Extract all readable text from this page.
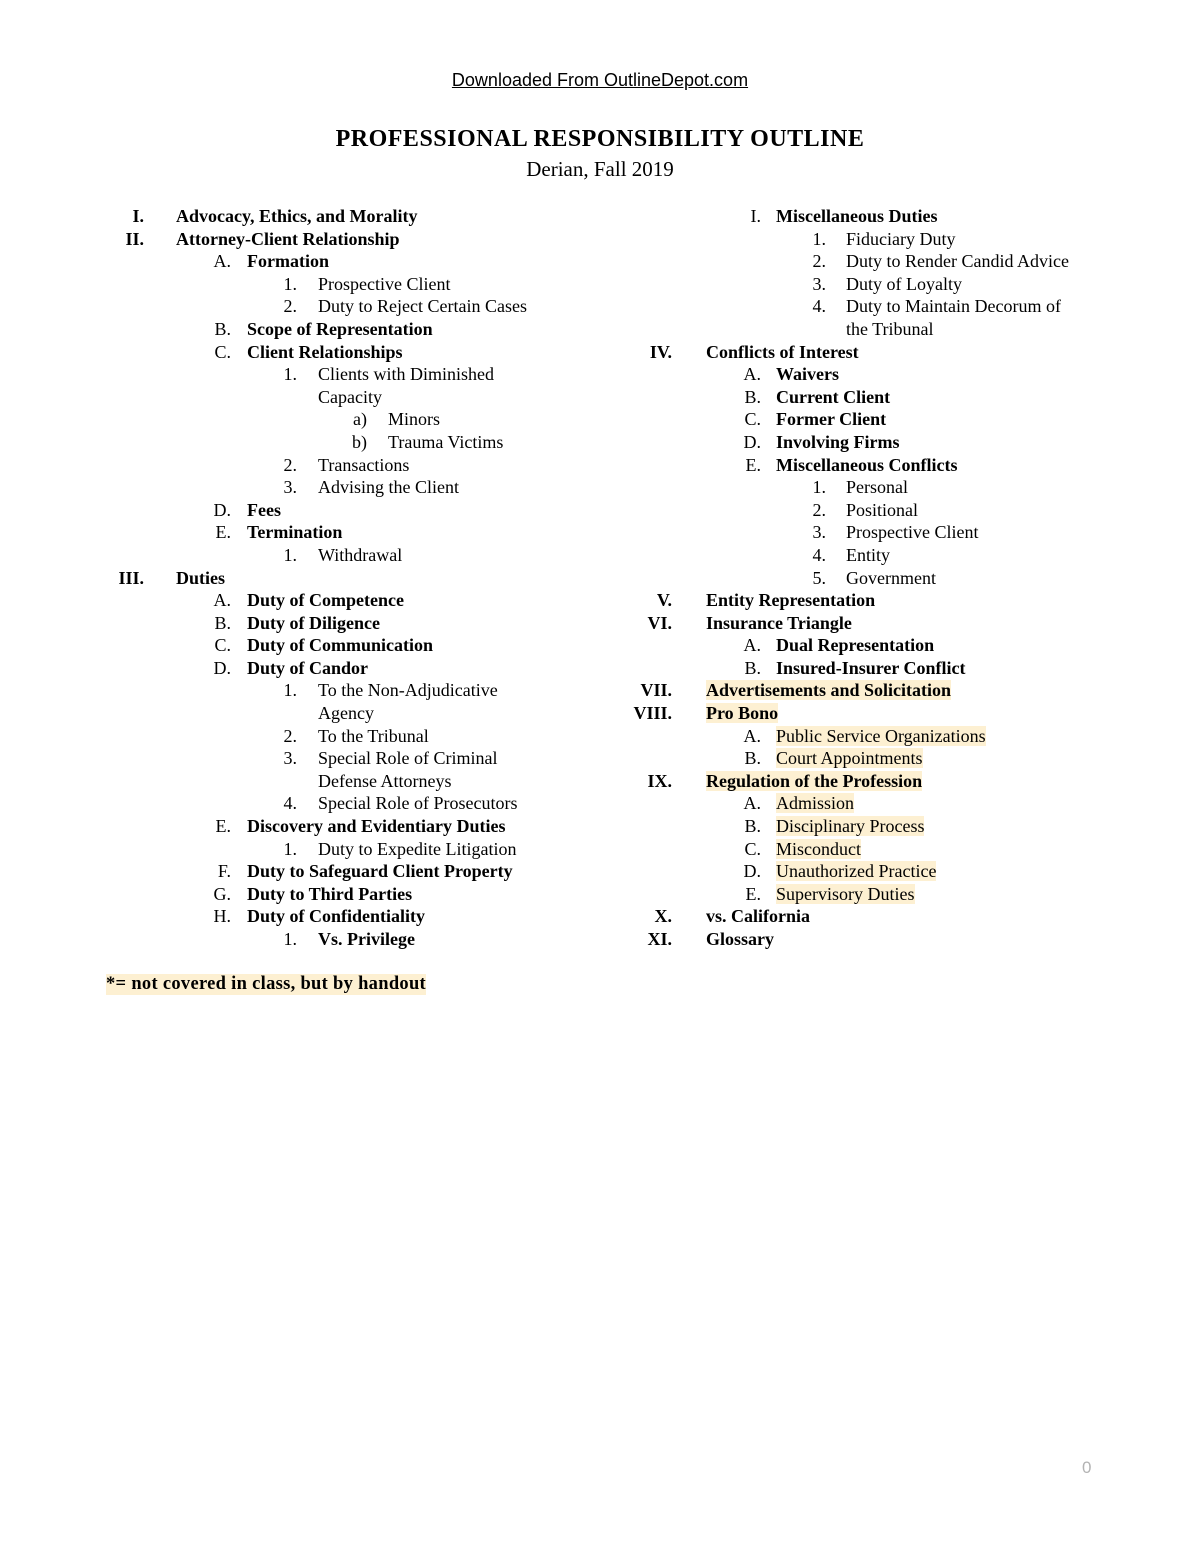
Downloaded From OutlineDepot.com
PROFESSIONAL RESPONSIBILITY OUTLINE
Derian, Fall 2019
I. Advocacy, Ethics, and Morality
II. Attorney-Client Relationship
A. Formation
1. Prospective Client
2. Duty to Reject Certain Cases
B. Scope of Representation
C. Client Relationships
1. Clients with Diminished
Capacity
a) Minors
b) Trauma Victims
2. Transactions
3. Advising the Client
D. Fees
E. Termination
1. Withdrawal
III. Duties
A. Duty of Competence
B. Duty of Diligence
C. Duty of Communication
D. Duty of Candor
1. To the Non-Adjudicative
Agency
2. To the Tribunal
3. Special Role of Criminal
Defense Attorneys
4. Special Role of Prosecutors
E. Discovery and Evidentiary Duties
1. Duty to Expedite Litigation
F. Duty to Safeguard Client Property
G. Duty to Third Parties
H. Duty of Confidentiality
1. Vs. Privilege
I. Miscellaneous Duties
1. Fiduciary Duty
2. Duty to Render Candid Advice
3. Duty of Loyalty
4. Duty to Maintain Decorum of
the Tribunal
IV. Conflicts of Interest
A. Waivers
B. Current Client
C. Former Client
D. Involving Firms
E. Miscellaneous Conflicts
1. Personal
2. Positional
3. Prospective Client
4. Entity
5. Government
V. Entity Representation
VI. Insurance Triangle
A. Dual Representation
B. Insured-Insurer Conflict
VII. Advertisements and Solicitation
VIII. Pro Bono
A. Public Service Organizations
B. Court Appointments
IX. Regulation of the Profession
A. Admission
B. Disciplinary Process
C. Misconduct
D. Unauthorized Practice
E. Supervisory Duties
X. vs. California
XI. Glossary
*= not covered in class, but by handout
0
